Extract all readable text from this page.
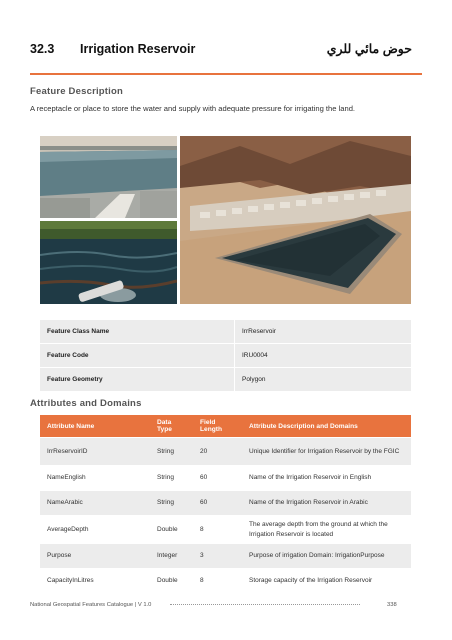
32.3 Irrigation Reservoir	حوض مائي للري
Feature Description
A receptacle or place to store the water and supply with adequate pressure for irrigating the land.
Feature Class Name	IrrReservoir
Feature Code	IRU0004
Feature Geometry	Polygon
Attributes and Domains
Attribute Name	Data Type	Field Length	Attribute Description and Domains
IrrReservoirID	String	20	Unique Identifier for Irrigation Reservoir by the FGIC
NameEnglish	String	60	Name of the Irrigation Reservoir in English
NameArabic	String	60	Name of the Irrigation Reservoir in Arabic
AverageDepth	Double	8	The average depth from the ground at which the Irrigation Reservoir is located
Purpose	Integer	3	Purpose of irrigation Domain: IrrigationPurpose
CapacityInLitres	Double	8	Storage capacity of the Irrigation Reservoir
National Geospatial Features Catalogue | V 1.0	338
